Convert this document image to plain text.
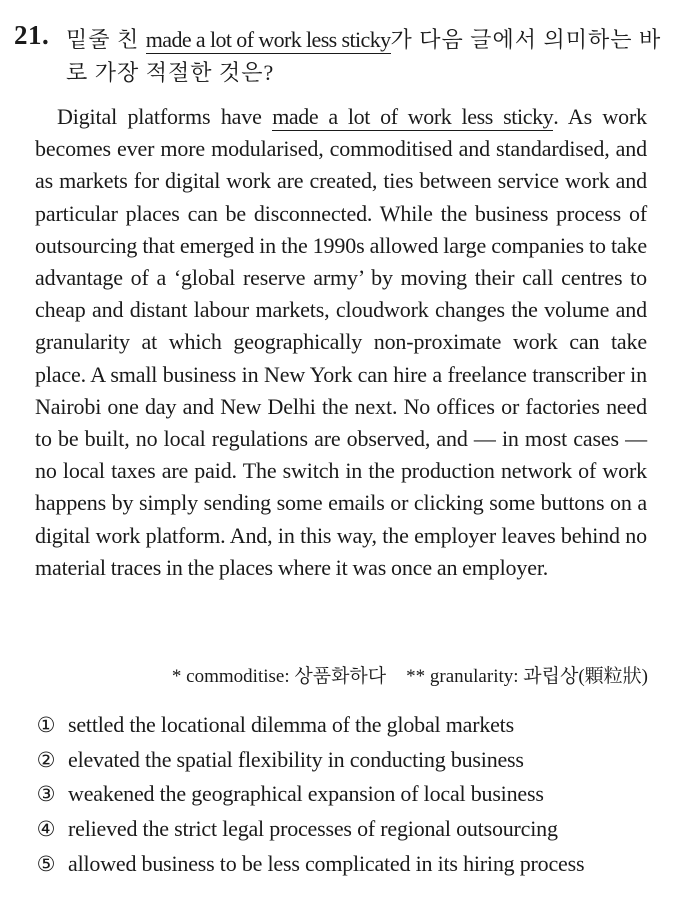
21. 밑줄 친 made a lot of work less sticky가 다음 글에서 의미하는 바로 가장 적절한 것은?

Digital platforms have made a lot of work less sticky. As work becomes ever more modularised, commoditised and standardised, and as markets for digital work are created, ties between service work and particular places can be disconnected. While the business process of outsourcing that emerged in the 1990s allowed large companies to take advantage of a ‘global reserve army’ by moving their call centres to cheap and distant labour markets, cloudwork changes the volume and granularity at which geographically non-proximate work can take place. A small business in New York can hire a freelance transcriber in Nairobi one day and New Delhi the next. No offices or factories need to be built, no local regulations are observed, and — in most cases — no local taxes are paid. The switch in the production network of work happens by simply sending some emails or clicking some buttons on a digital work platform. And, in this way, the employer leaves behind no material traces in the places where it was once an employer.

* commoditise: 상품화하다 ** granularity: 과립상(顆粒狀)
① settled the locational dilemma of the global markets
② elevated the spatial flexibility in conducting business
③ weakened the geographical expansion of local business
④ relieved the strict legal processes of regional outsourcing
⑤ allowed business to be less complicated in its hiring process
